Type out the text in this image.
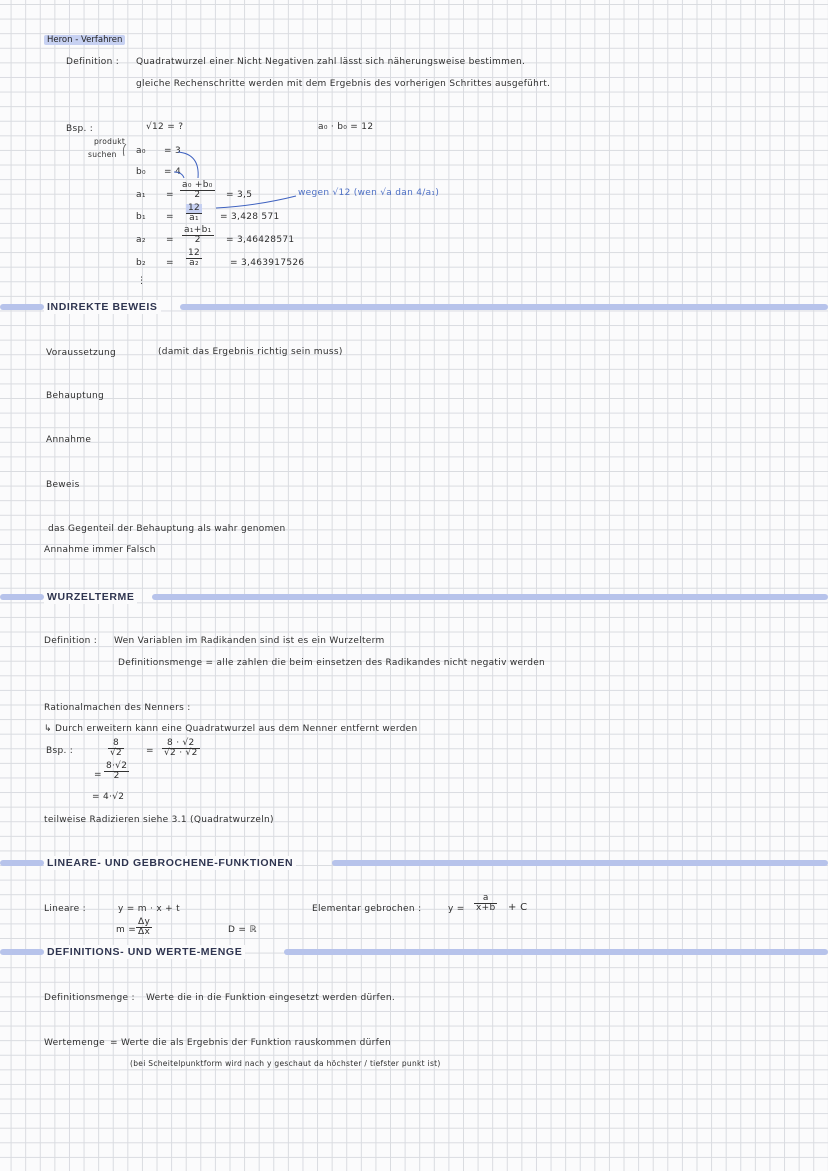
Heron - Verfahren
Definition : Quadratwurzel einer Nicht Negativen zahl lässt sich näherungsweise bestimmen.
gleiche Rechenschritte werden mit dem Ergebnis des vorherigen Schrittes ausgeführt.
Bsp. :	√12 = ?	a₀ · b₀ = 12
produkt
suchen a₀ = 3
b₀ = 4
$a_1 = \frac{\text{a₀ +b₀}}{2} = 3,5$
$b_1 = \frac{12}{\text{a₁}} = 3,428$ 571
$a_2 = \frac{\text{a₁+b₁}}{2} = 3,46428571$
$b_2 = \frac{12}{\text{a₂}}$	= 3,463917526
⋮
wegen √12 (wen √a dan 4/a₁)
INDIREKTE BEWEIS
Voraussetzung	(damit das Ergebnis richtig sein muss)
Behauptung
Annahme
Beweis
das Gegenteil der Behauptung als wahr genomen
Annahme immer Falsch
WURZELTERME
Definition : Wen Variablen im Radikanden sind ist es ein Wurzelterm
Definitionsmenge = alle zahlen die beim einsetzen des Radikandes nicht negativ werden
Rationalmachen des Nenners :
↳ Durch erweitern kann eine Quadratwurzel aus dem Nenner entfernt werden
Bsp. :	$\frac{8}{√2} = \frac{8 \cdot √2}{√2 \cdot √2}$
= $\frac{8\cdot√2}{2}$
= 4·√2
teilweise Radizieren siehe 3.1 (Quadratwurzeln)
LINEARE- UND GEBROCHENE-FUNKTIONEN
Lineare :	y = m · x + t
$m = \frac{\Delta y}{\Delta x}$	D = ℝ
Elementar gebrochen :	$y = \frac{a}{x+b} + C$
DEFINITIONS- UND WERTE-MENGE
Definitionsmenge : Werte die in die Funktion eingesetzt werden dürfen.
Wertemenge = Werte die als Ergebnis der Funktion rauskommen dürfen
(bei Scheitelpunktform wird nach y geschaut da höchster / tiefster punkt ist)
